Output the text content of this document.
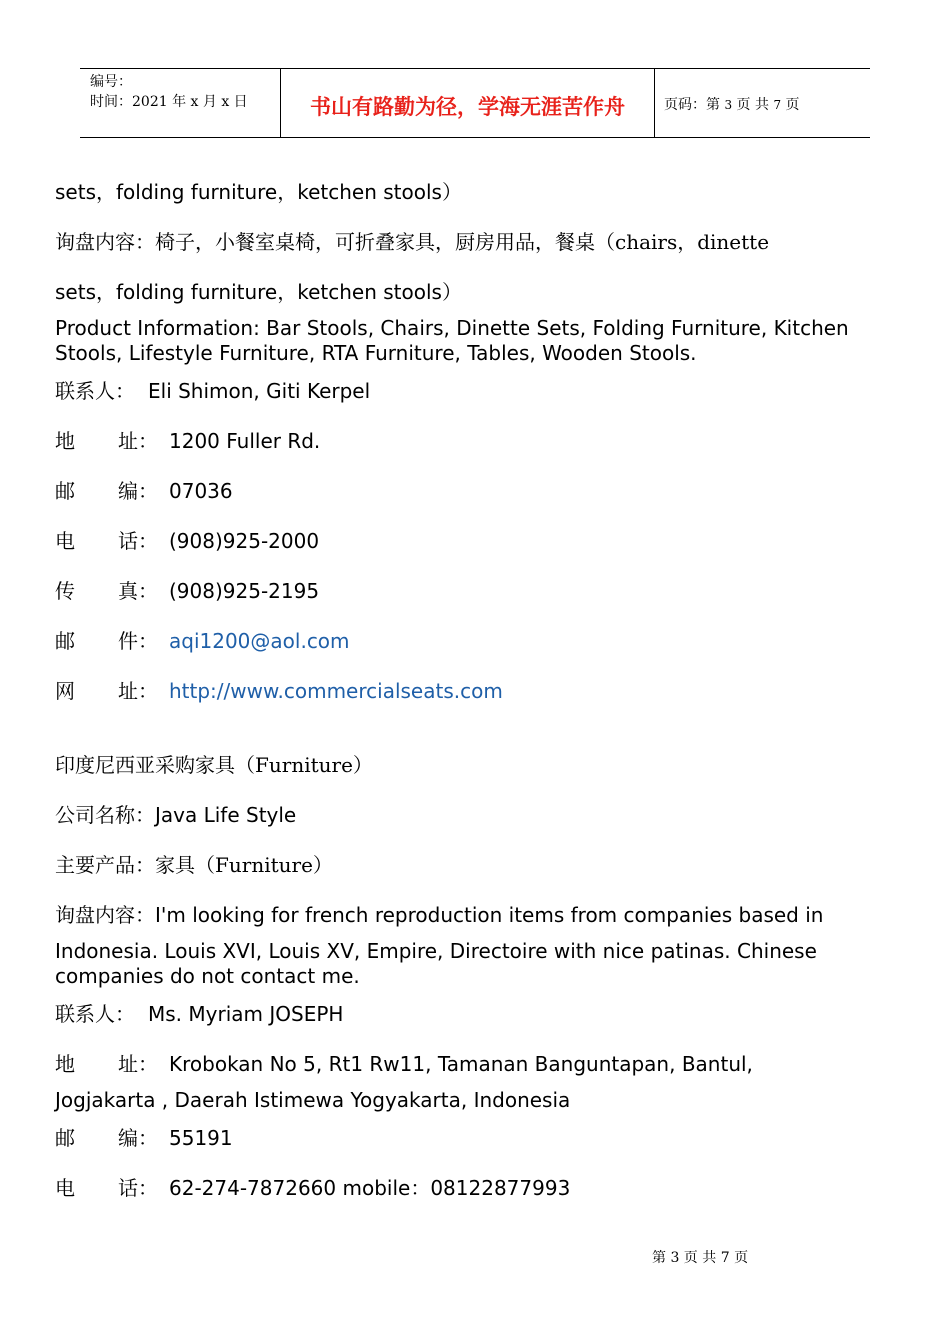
编号：
时间：2021 年 x 月 x 日	书山有路勤为径，学海无涯苦作舟	页码：第 3 页 共 7 页
sets，folding furniture，ketchen stools）
询盘内容：椅子，小餐室桌椅，可折叠家具，厨房用品，餐桌（chairs，dinette
sets，folding furniture，ketchen stools）
Product Information: Bar Stools, Chairs, Dinette Sets, Folding Furniture, Kitchen
Stools, Lifestyle Furniture, RTA Furniture, Tables, Wooden Stools.
联系人： Eli Shimon, Giti Kerpel
地 址： 1200 Fuller Rd.
邮 编： 07036
电 话： (908)925-2000
传 真： (908)925-2195
邮 件： aqi1200@aol.com
网 址： http://www.commercialseats.com
印度尼西亚采购家具（Furniture）
公司名称：Java Life Style
主要产品：家具（Furniture）
询盘内容：I'm looking for french reproduction items from companies based in
Indonesia. Louis XVI, Louis XV, Empire, Directoire with nice patinas. Chinese
companies do not contact me.
联系人： Ms. Myriam JOSEPH
地 址： Krobokan No 5, Rt1 Rw11, Tamanan Banguntapan, Bantul,
Jogjakarta , Daerah Istimewa Yogyakarta, Indonesia
邮 编： 55191
电 话： 62-274-7872660 mobile：08122877993
第 3 页 共 7 页
